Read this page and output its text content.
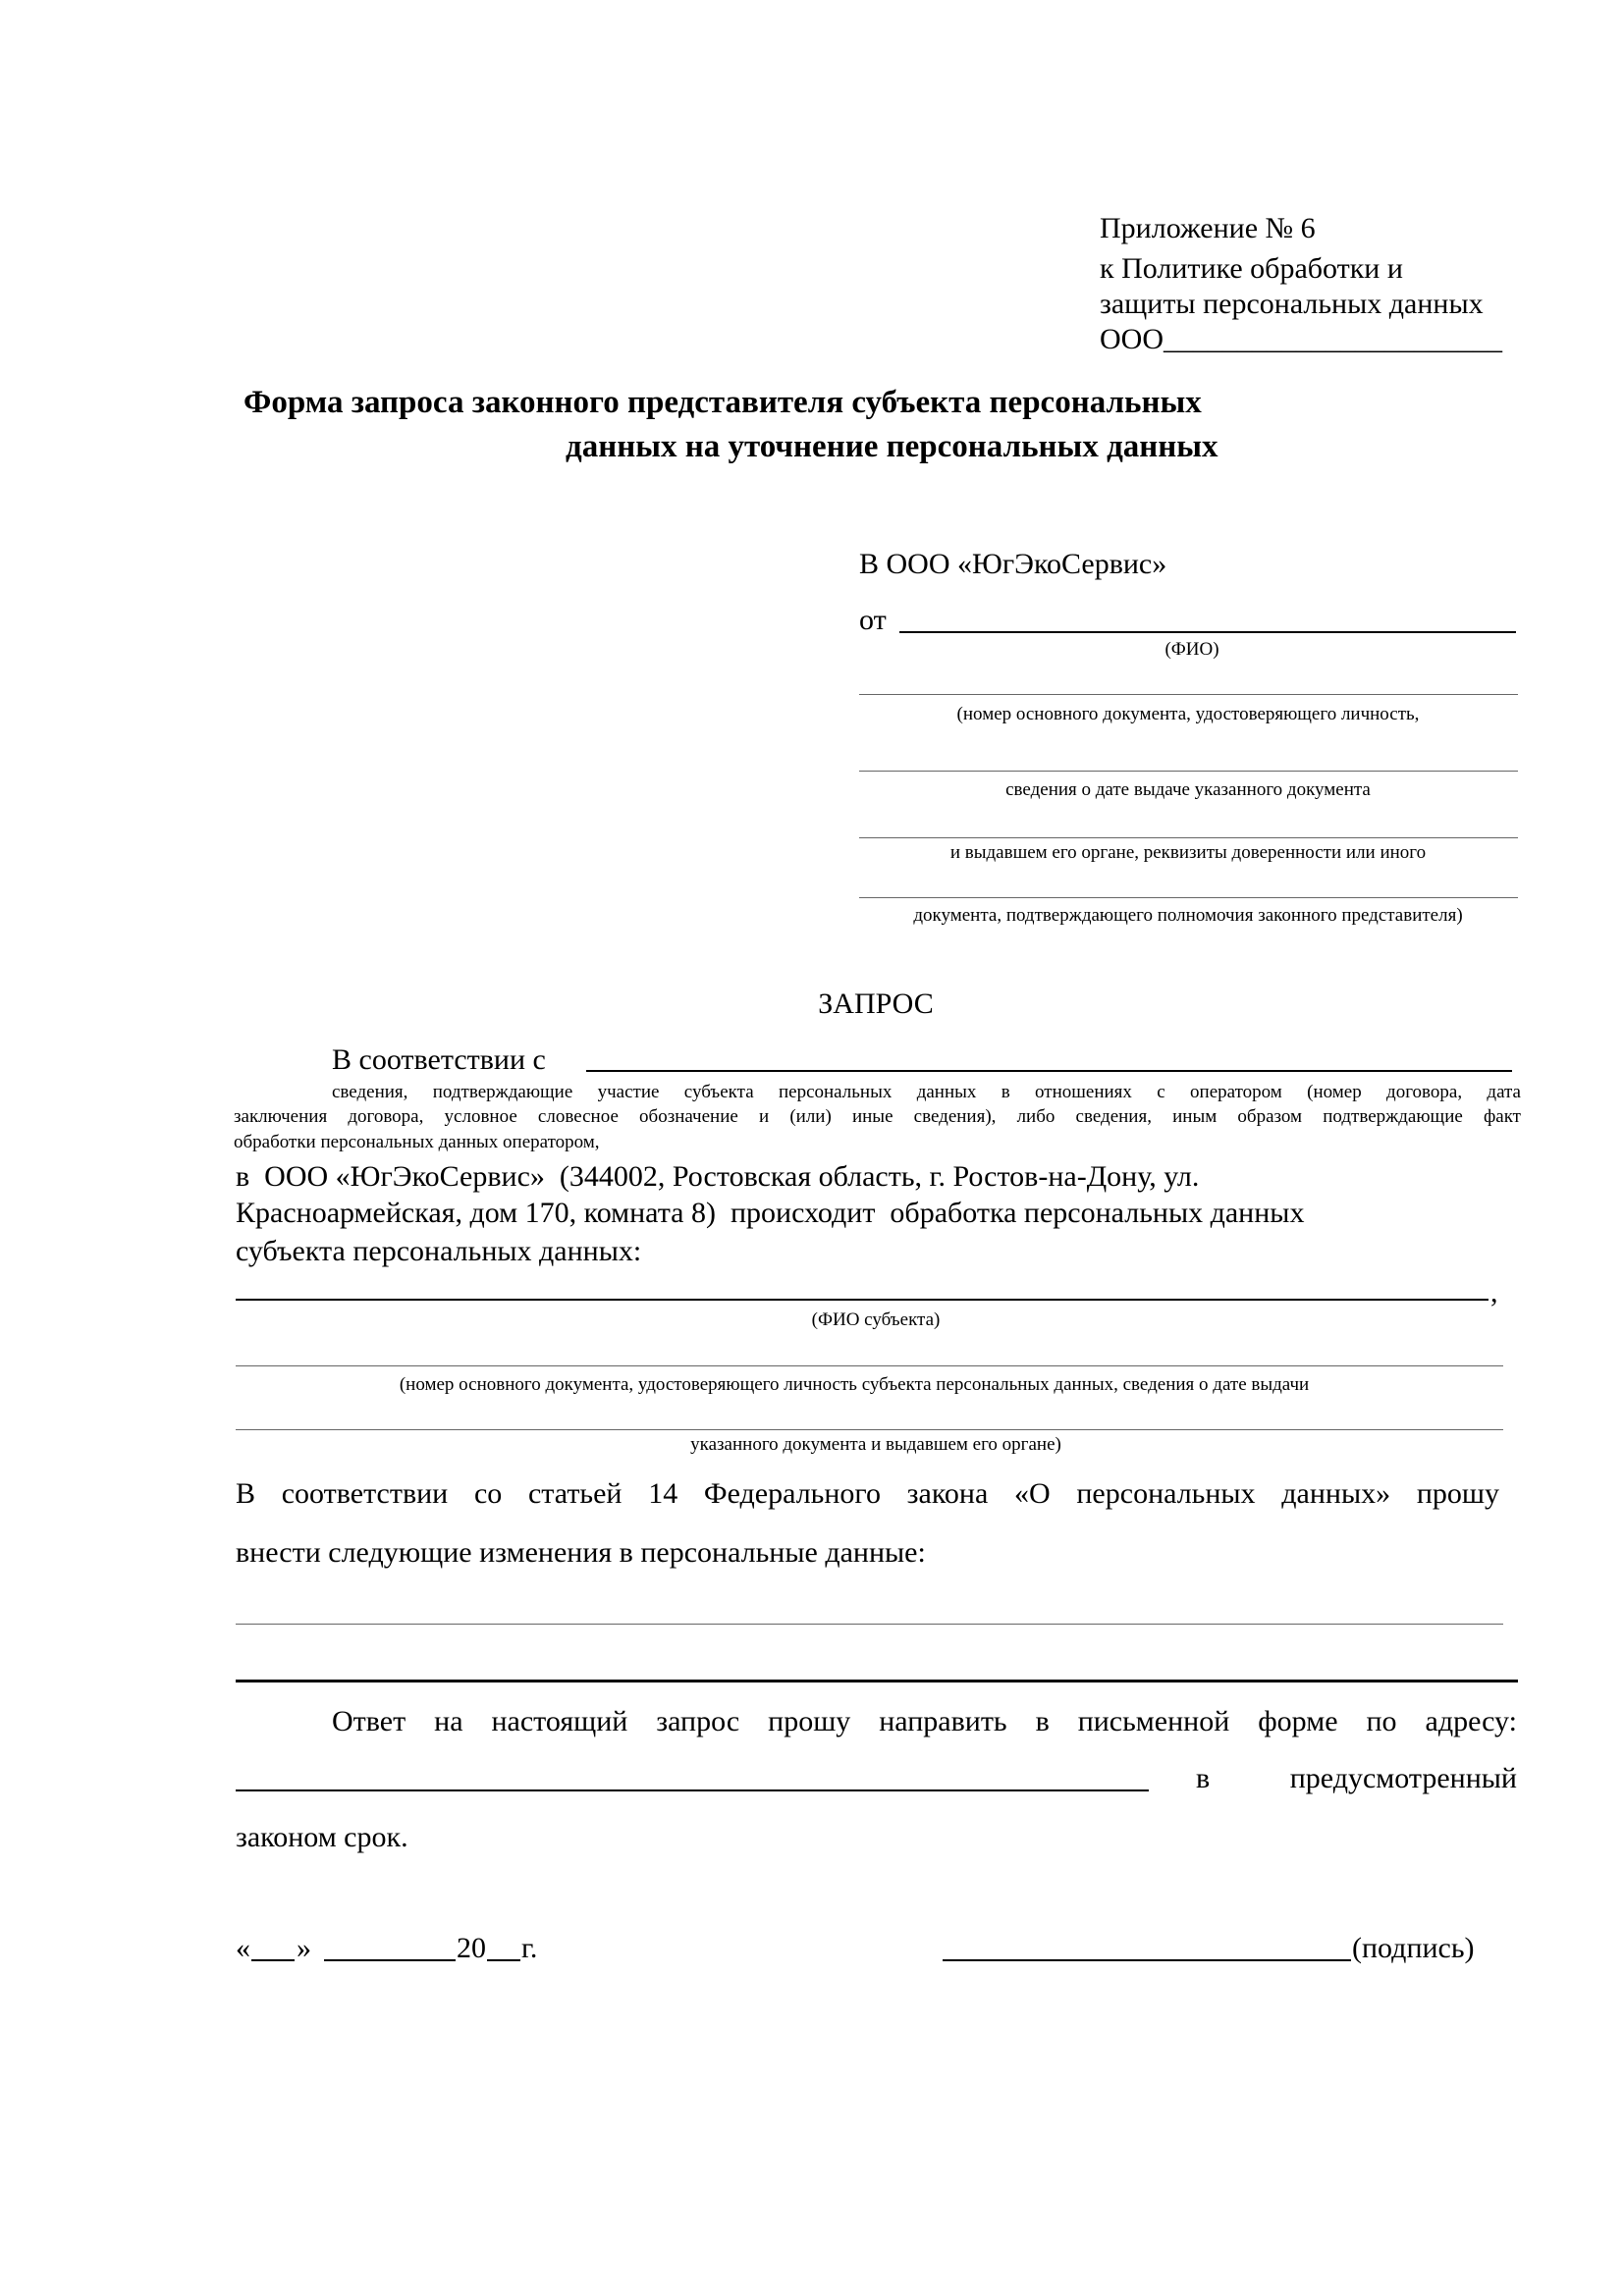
Приложение № 6
к Политике обработки и
защиты персональных данных
ООО_______________________
Форма запроса законного представителя субъекта персональных
данных на уточнение персональных данных
В ООО «ЮгЭкоСервис»
от
(ФИО)
(номер основного документа, удостоверяющего личность,
сведения о дате выдаче указанного документа
и выдавшем его органе, реквизиты доверенности или иного
документа, подтверждающего полномочия законного представителя)
ЗАПРОС
В соответствии с
сведения, подтверждающие участие субъекта персональных данных в отношениях с оператором (номер договора, дата
заключения договора, условное словесное обозначение и (или) иные сведения), либо сведения, иным образом подтверждающие факт
обработки персональных данных оператором,
в  ООО «ЮгЭкоСервис»  (344002, Ростовская область, г. Ростов-на-Дону, ул.
Красноармейская, дом 170, комната 8)  происходит  обработка персональных данных
субъекта персональных данных:
,
(ФИО субъекта)
(номер основного документа, удостоверяющего личность субъекта персональных данных, сведения о дате выдачи
указанного документа и выдавшем его органе)
В соответствии со статьей 14 Федерального закона «О персональных данных» прошу
внести следующие изменения в персональные данные:
Ответ на настоящий запрос прошу направить в письменной форме по адресу:
в	предусмотренный
законом срок.
« »	20 г.	(подпись)
